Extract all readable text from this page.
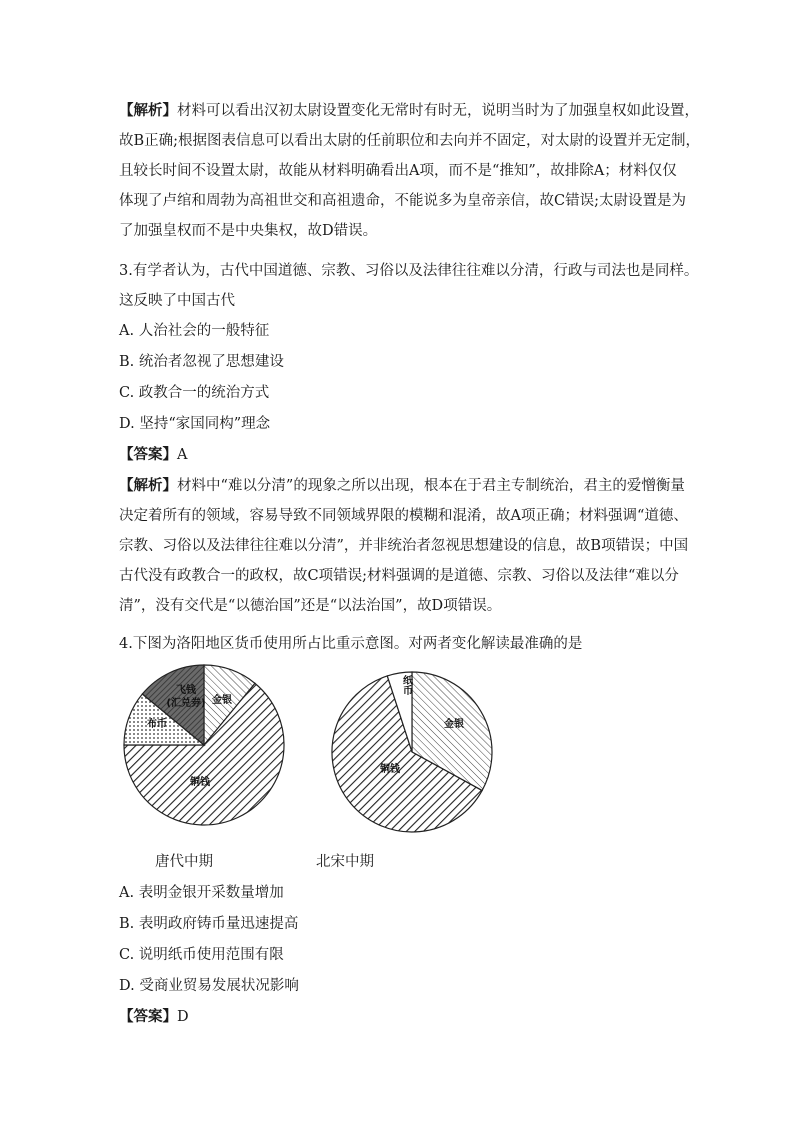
【解析】材料可以看出汉初太尉设置变化无常时有时无，说明当时为了加强皇权如此设置，
故B正确;根据图表信息可以看出太尉的任前职位和去向并不固定，对太尉的设置并无定制，
且较长时间不设置太尉，故能从材料明确看出A项，而不是“推知”，故排除A；材料仅仅
体现了卢绾和周勃为高祖世交和高祖遗命，不能说多为皇帝亲信，故C错误;太尉设置是为
了加强皇权而不是中央集权，故D错误。
3.有学者认为，古代中国道德、宗教、习俗以及法律往往难以分清，行政与司法也是同样。
这反映了中国古代
A. 人治社会的一般特征
B. 统治者忽视了思想建设
C. 政教合一的统治方式
D. 坚持“家国同构”理念
【答案】A
【解析】材料中“难以分清”的现象之所以出现，根本在于君主专制统治，君主的爱憎衡量
决定着所有的领域，容易导致不同领域界限的模糊和混淆，故A项正确；材料强调“道德、
宗教、习俗以及法律往往难以分清”，并非统治者忽视思想建设的信息，故B项错误；中国
古代没有政教合一的政权，故C项错误;材料强调的是道德、宗教、习俗以及法律“难以分
清”，没有交代是“以德治国”还是“以法治国”，故D项错误。
4.下图为洛阳地区货币使用所占比重示意图。对两者变化解读最准确的是
飞钱
(汇兑券) 金银
布币
铜钱
纸币
金银
铜钱
唐代中期	北宋中期
A. 表明金银开采数量增加
B. 表明政府铸币量迅速提高
C. 说明纸币使用范围有限
D. 受商业贸易发展状况影响
【答案】D
